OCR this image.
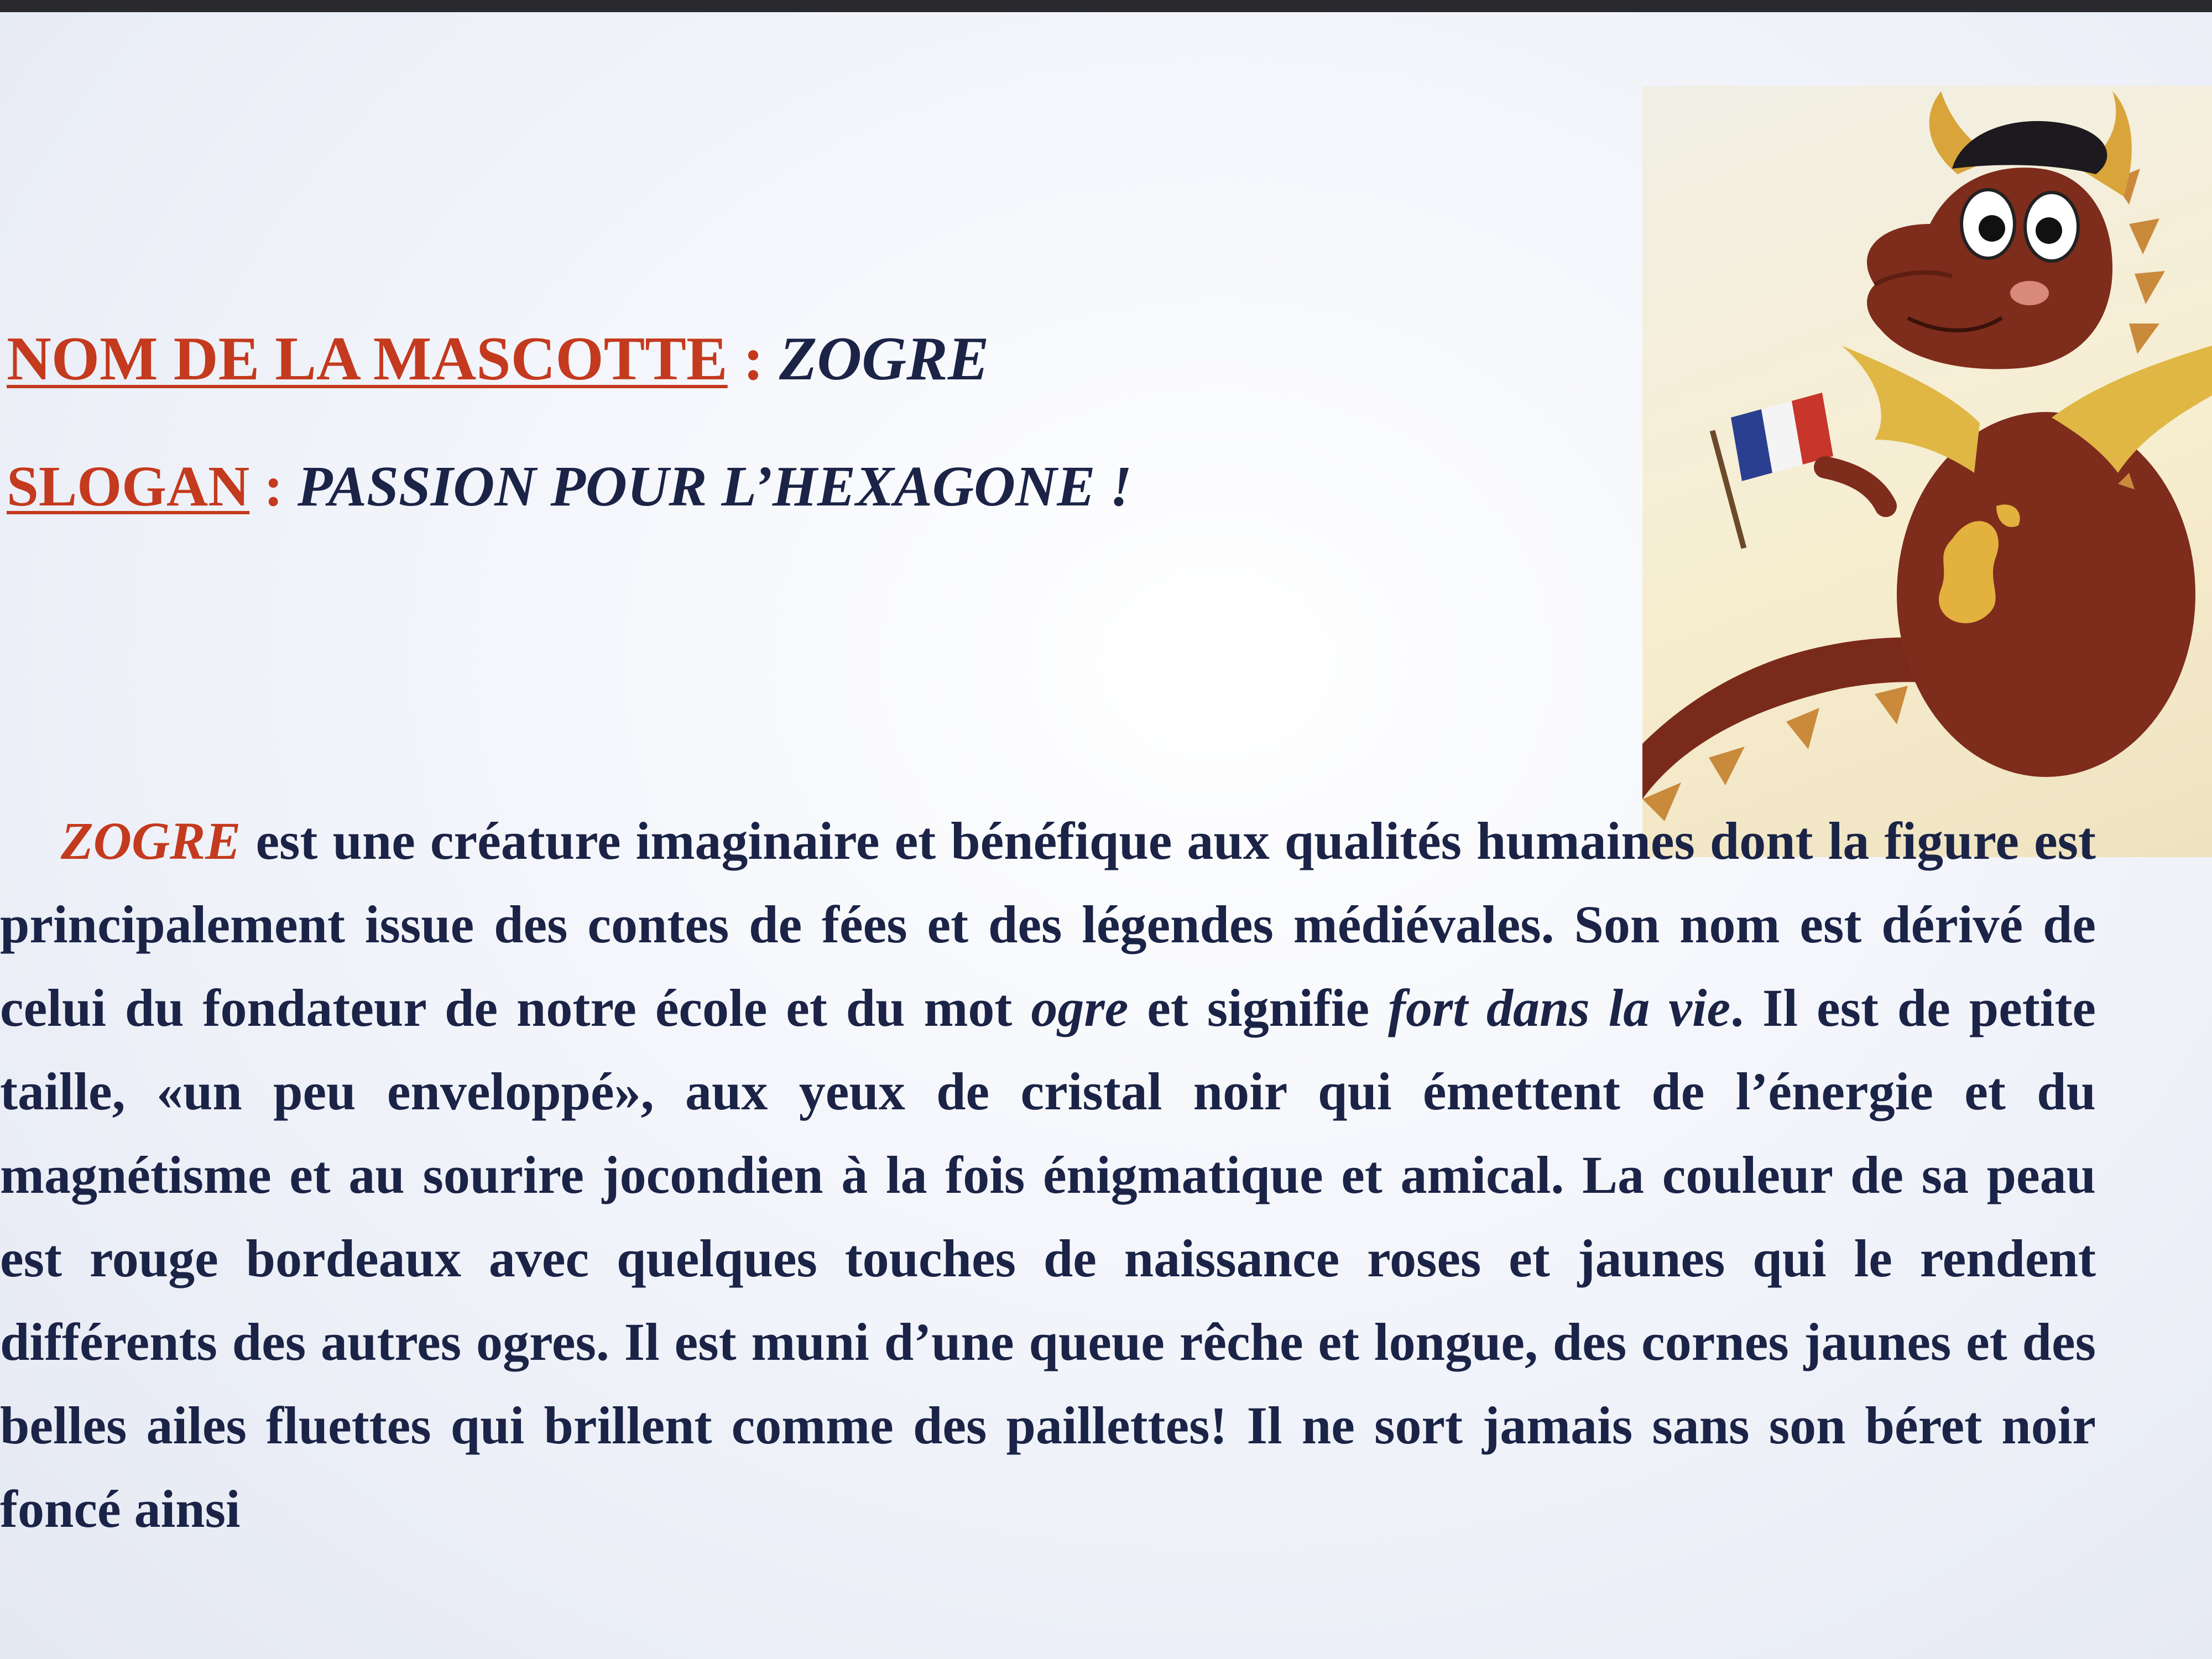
NOM DE LA MASCOTTE : ZOGRE
SLOGAN : PASSION POUR L’HEXAGONE !
ZOGRE est une créature imaginaire et bénéfique aux qualités humaines dont la figure est principalement issue des contes de fées et des légendes médiévales. Son nom est dérivé de celui du fondateur de notre école et du mot ogre et signifie fort dans la vie. Il est de petite taille, «un peu enveloppé», aux yeux de cristal noir qui émettent de l’énergie et du magnétisme et au sourire jocondien à la fois énigmatique et amical. La couleur de sa peau est rouge bordeaux avec quelques touches de naissance roses et jaunes qui le rendent différents des autres ogres. Il est muni d’une queue rêche et longue, des cornes jaunes et des belles ailes fluettes qui brillent comme des paillettes! Il ne sort jamais sans son béret noir foncé ainsi
